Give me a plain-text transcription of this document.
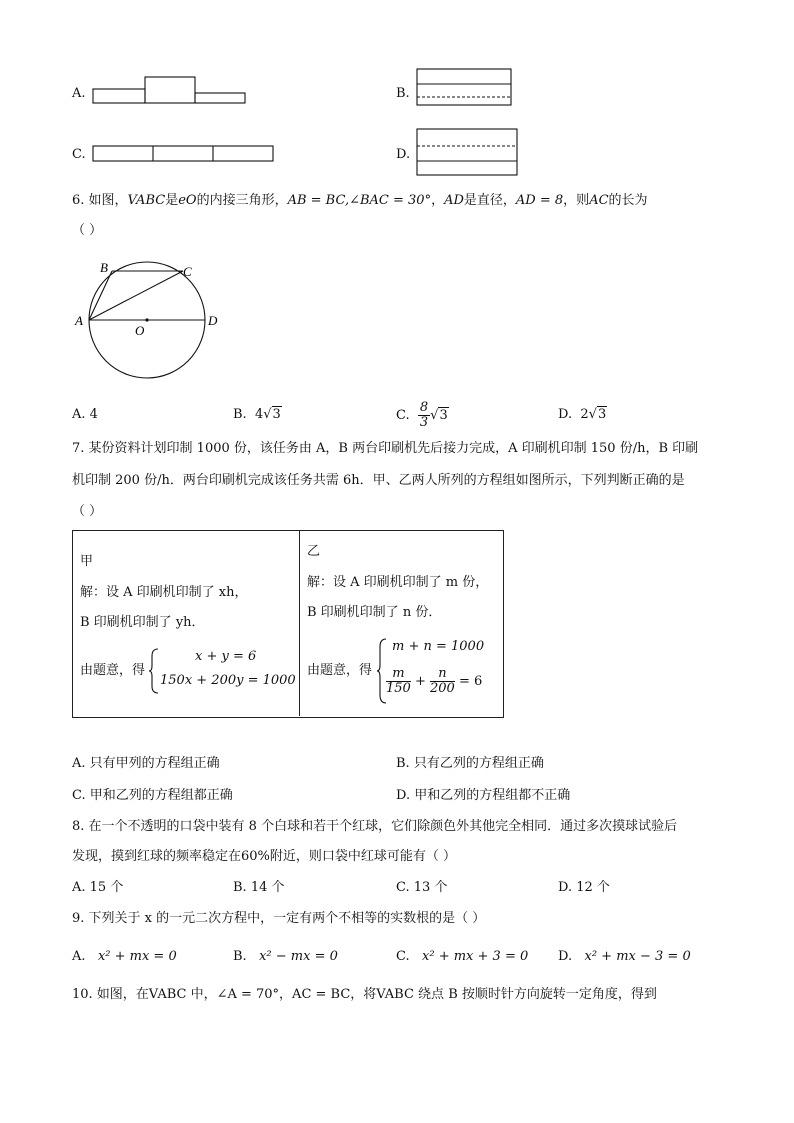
A.	B.
C.	D.
6. 如图，VABC是eO的内接三角形，AB = BC,∠BAC = 30°，AD是直径，AD = 8，则AC的长为
（ ）
A
B	C
D
O
A. 4	B. 4√3	C. $\frac{8}{3} √3$	D. 2√3
7. 某份资料计划印制 1000 份，该任务由 A，B 两台印刷机先后接力完成，A 印刷机印制 150 份/h，B 印刷
机印制 200 份/h．两台印刷机完成该任务共需 6h．甲、乙两人所列的方程组如图所示，下列判断正确的是
（ ）
甲
解：设 A 印刷机印制了 xh，
B 印刷机印制了 yh．
由题意，得
x + y = 6
150x + 200y = 1000
乙
解：设 A 印刷机印制了 m 份，
B 印刷机印制了 n 份．
由题意，得
m + n = 1000
$\frac{m}{150} + \frac{n}{200} = 6$
A. 只有甲列的方程组正确	B. 只有乙列的方程组正确
C. 甲和乙列的方程组都正确	D. 甲和乙列的方程组都不正确
8. 在一个不透明的口袋中装有 8 个白球和若干个红球，它们除颜色外其他完全相同．通过多次摸球试验后
发现，摸到红球的频率稳定在60%附近，则口袋中红球可能有（ ）
A. 15 个	B. 14 个	C. 13 个	D. 12 个
9. 下列关于 x 的一元二次方程中，一定有两个不相等的实数根的是（ ）
A. x² + mx = 0	B. x² − mx = 0	C. x² + mx + 3 = 0 D. x² + mx − 3 = 0
10. 如图，在VABC 中，∠A = 70°，AC = BC，将VABC 绕点 B 按顺时针方向旋转一定角度，得到
